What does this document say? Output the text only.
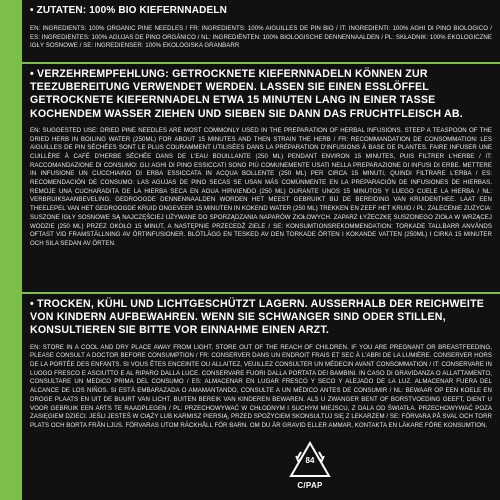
• ZUTATEN: 100% BIO KIEFERNNADELN
EN: INGREDIENTS: 100% ORGANIC PINE NEEDLES / FR: INGREDIENTS: 100% AIGUILLES DE PIN BIO / IT: INGREDIENTI: 100% AGHI DI PINO BIOLOGICO / ES: INGREDIENTES: 100% AGUJAS DE PINO ORGÁNICO / NL: INGREDIËNTEN: 100% BIOLOGISCHE DENNENNAALDEN / PL: SKŁADNIK: 100% EKOLOGICZNE IGŁY SOSNOWE / SE: INGREDIENSER: 100% EKOLOGISKA GRANBARR
• VERZEHREMPFEHLUNG: GETROCKNETE KIEFERNNADELN KÖNNEN ZUR TEEZUBEREITUNG VERWENDET WERDEN. LASSEN SIE EINEN ESSLÖFFEL GETROCKNETE KIEFERNNADELN ETWA 15 MINUTEN LANG IN EINER TASSE KOCHENDEM WASSER ZIEHEN UND SIEBEN SIE DANN DAS FRUCHTFLEISCH AB.
EN: SUGGESTED USE: DRIED PINE NEEDLES ARE MOST COMMONLY USED IN THE PREPARATION OF HERBAL INFUSIONS. STEEP A TEASPOON OF THE DRIED HERB IN BOILING WATER (250ML) FOR ABOUT 15 MINUTES AND THEN STRAIN THE HERB / FR: RECOMMANDATION DE CONSOMMATION: LES AIGUILLES DE PIN SÉCHÉES SONT LE PLUS COURAMMENT UTILISÉES DANS LA PRÉPARATION D'INFUSIONS À BASE DE PLANTES. FAIRE INFUSER UNE CUILLÈRE À CAFÉ D'HERBE SÉCHÉE DANS DE L'EAU BOUILLANTE (250 ML) PENDANT ENVIRON 15 MINUTES, PUIS FILTRER L'HERBE / IT: RACCOMANDAZIONE DI CONSUMO: GLI AGHI DI PINO ESSICCATI SONO PIÙ COMUNEMENTE USATI NELLA PREPARAZIONE DI INFUSI DI ERBE. METTERE IN INFUSIONE UN CUCCHIAINO DI ERBA ESSICCATA IN ACQUA BOLLENTE (250 ML) PER CIRCA 15 MINUTI, QUINDI FILTRARE L'ERBA / ES: RECOMENDACIÓN DE CONSUMO: LAS AGUJAS DE PINO SECAS SE USAN MÁS COMÚNMENTE EN LA PREPARACIÓN DE INFUSIONES DE HIERBAS. REMOJE UNA CUCHARADITA DE LA HIERBA SECA EN AGUA HIRVIENDO (250 ML) DURANTE UNOS 15 MINUTOS Y LUEGO CUELE LA HIERBA / NL: VERBRUIKSAANBEVELING: GEDROOGDE DENNENNAALDEN WORDEN HET MEEST GEBRUIKT BIJ DE BEREIDING VAN KRUIDENTHEE. LAAT EEN THEELEPEL VAN HET GEDROOGDE KRUID ONGEVEER 15 MINUTEN IN KOKEND WATER (250 ML) TREKKEN EN ZEEF HET KRUID / PL: ZALECENIE ZUŻYCIA: SUSZONE IGŁY SOSNOWE SĄ NAJCZĘŚCIEJ UŻYWANE DO SPORZĄDZANIA NAPARÓW ZIOŁOWYCH. ZAPARZ ŁYŻECZKĘ SUSZONEGO ZIOŁA W WRZĄCEJ WODZIE (250 ML) PRZEZ OKOŁO 15 MINUT, A NASTĘPNIE PRZECEDŹ ZIELE / SE: KONSUMTIONSREKOMMENDATION: TORKADE TALLBARR ANVÄNDS OFTAST VID FRAMSTÄLLNING AV ÖRTINFUSIONER. BLÖTLÄGG EN TESKED AV DEN TORKADE ÖRTEN I KOKANDE VATTEN (250ML) I CIRKA 15 MINUTER OCH SILA SEDAN AV ÖRTEN.
• TROCKEN, KÜHL UND LICHTGESCHÜTZT LAGERN. AUSSERHALB DER REICHWEITE VON KINDERN AUFBEWAHREN. WENN SIE SCHWANGER SIND ODER STILLEN, KONSULTIEREN SIE BITTE VOR EINNAHME EINEN ARZT.
EN: STORE IN A COOL AND DRY PLACE AWAY FROM LIGHT. STORE OUT OF THE REACH OF CHILDREN. IF YOU ARE PREGNANT OR BREASTFEEDING, PLEASE CONSULT A DOCTOR BEFORE CONSUMPTION / FR: CONSERVER DANS UN ENDROIT FRAIS ET SEC À L'ABRI DE LA LUMIÈRE. CONSERVER HORS DE LA PORTÉE DES ENFANTS. SI VOUS ÊTES ENCEINTE OU ALLAITEZ, VEUILLEZ CONSULTER UN MÉDECIN AVANT CONSOMMATION / IT: CONSERVARE IN LUOGO FRESCO E ASCIUTTO E AL RIPARO DALLA LUCE. CONSERVARE FUORI DALLA PORTATA DEI BAMBINI. IN CASO DI GRAVIDANZA O ALLATTAMENTO, CONSULTARE UN MEDICO PRIMA DEL CONSUMO / ES: ALMACENAR EN LUGAR FRESCO Y SECO Y ALEJADO DE LA LUZ. ALMACENAR FUERA DEL ALCANCE DE LOS NIÑOS. SI ESTÁ EMBARAZADA O AMAMANTANDO, CONSULTE A UN MÉDICO ANTES DE CONSUMIR / NL: BEWAAR OP EEN KOELE EN DROGE PLAATS EN UIT DE BUURT VAN LICHT. BUITEN BEREIK VAN KINDEREN BEWAREN. ALS U ZWANGER BENT OF BORSTVOEDING GEEFT, DIENT U VOOR GEBRUIK EEN ARTS TE RAADPLEGEN / PL: PRZECHOWYWAĆ W CHŁODNYM I SUCHYM MIEJSCU, Z DALA OD ŚWIATŁA. PRZECHOWYWAĆ POZA ZASIĘGIEM DZIECI. JEŚLI JESTEŚ W CIĄŻY LUB KARMISZ PIERSIĄ, PRZED SPOŻYCIEM SKONSULTUJ SIĘ Z LEKARZEM / SE: FÖRVARA PÅ SVAL OCH TORR PLATS OCH BORTA FRÅN LJUS. FÖRVARAS UTOM RÄCKHÅLL FÖR BARN. OM DU ÄR GRAVID ELLER AMMAR, KONTAKTA EN LÄKARE FÖRE KONSUMTION.
84
C/PAP
